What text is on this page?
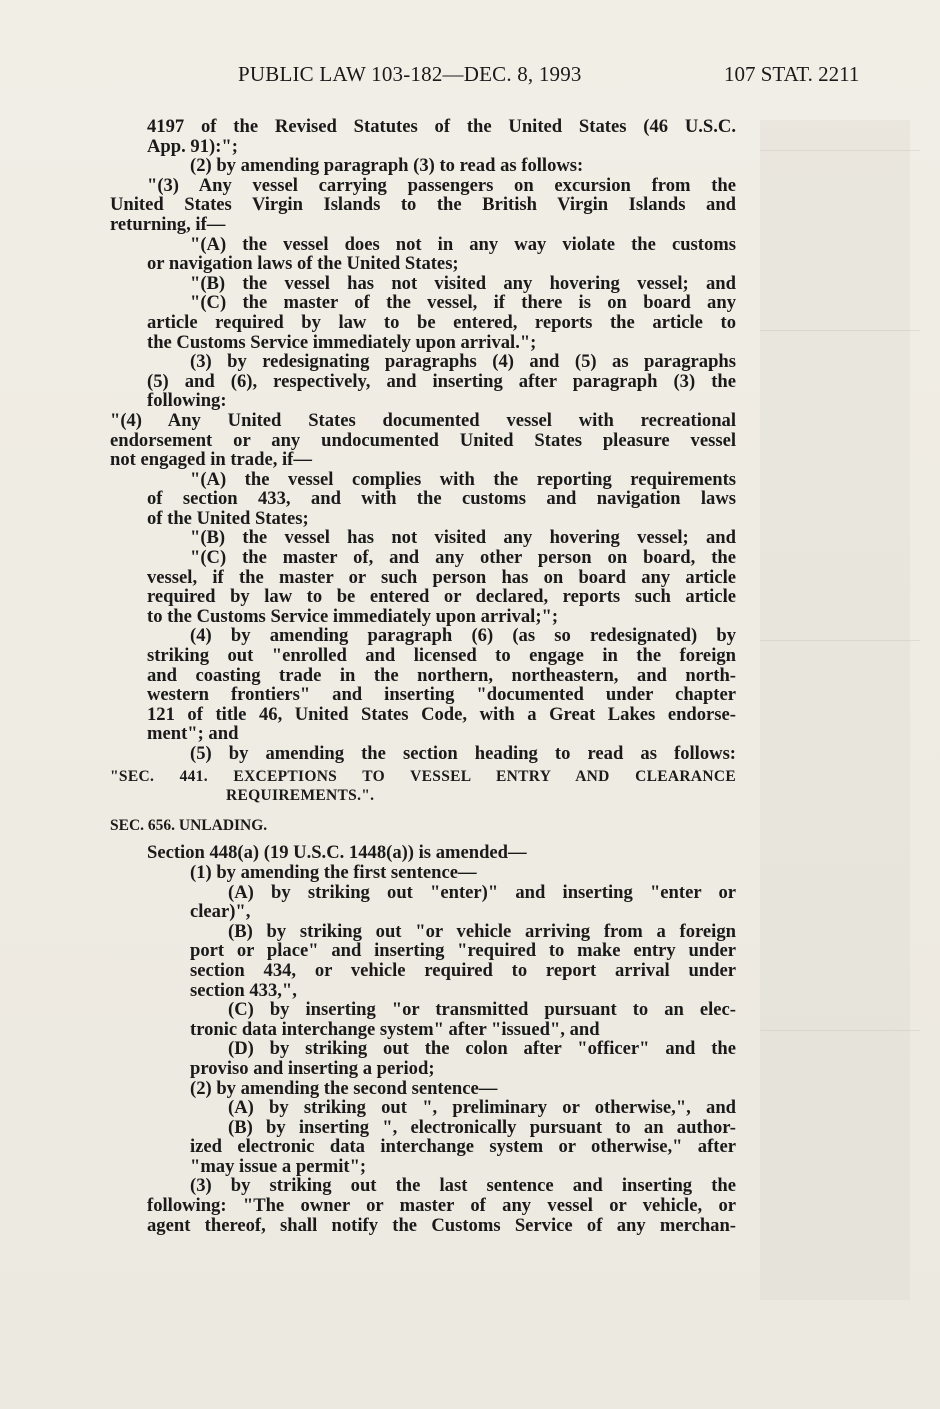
PUBLIC LAW 103-182—DEC. 8, 1993	107 STAT. 2211
4197 of the Revised Statutes of the United States (46 U.S.C.
App. 91):";
(2) by amending paragraph (3) to read as follows:
"(3) Any vessel carrying passengers on excursion from the
United States Virgin Islands to the British Virgin Islands and
returning, if—
"(A) the vessel does not in any way violate the customs
or navigation laws of the United States;
"(B) the vessel has not visited any hovering vessel; and
"(C) the master of the vessel, if there is on board any
article required by law to be entered, reports the article to
the Customs Service immediately upon arrival.";
(3) by redesignating paragraphs (4) and (5) as paragraphs
(5) and (6), respectively, and inserting after paragraph (3) the
following:
"(4) Any United States documented vessel with recreational
endorsement or any undocumented United States pleasure vessel
not engaged in trade, if—
"(A) the vessel complies with the reporting requirements
of section 433, and with the customs and navigation laws
of the United States;
"(B) the vessel has not visited any hovering vessel; and
"(C) the master of, and any other person on board, the
vessel, if the master or such person has on board any article
required by law to be entered or declared, reports such article
to the Customs Service immediately upon arrival;";
(4) by amending paragraph (6) (as so redesignated) by
striking out "enrolled and licensed to engage in the foreign
and coasting trade in the northern, northeastern, and north-
western frontiers" and inserting "documented under chapter
121 of title 46, United States Code, with a Great Lakes endorse-
ment"; and
(5) by amending the section heading to read as follows:
"SEC. 441. EXCEPTIONS TO VESSEL ENTRY AND CLEARANCE
REQUIREMENTS.".
SEC. 656. UNLADING.
Section 448(a) (19 U.S.C. 1448(a)) is amended—
(1) by amending the first sentence—
(A) by striking out "enter)" and inserting "enter or
clear)",
(B) by striking out "or vehicle arriving from a foreign
port or place" and inserting "required to make entry under
section 434, or vehicle required to report arrival under
section 433,",
(C) by inserting "or transmitted pursuant to an elec-
tronic data interchange system" after "issued", and
(D) by striking out the colon after "officer" and the
proviso and inserting a period;
(2) by amending the second sentence—
(A) by striking out ", preliminary or otherwise,", and
(B) by inserting ", electronically pursuant to an author-
ized electronic data interchange system or otherwise," after
"may issue a permit";
(3) by striking out the last sentence and inserting the
following: "The owner or master of any vessel or vehicle, or
agent thereof, shall notify the Customs Service of any merchan-
